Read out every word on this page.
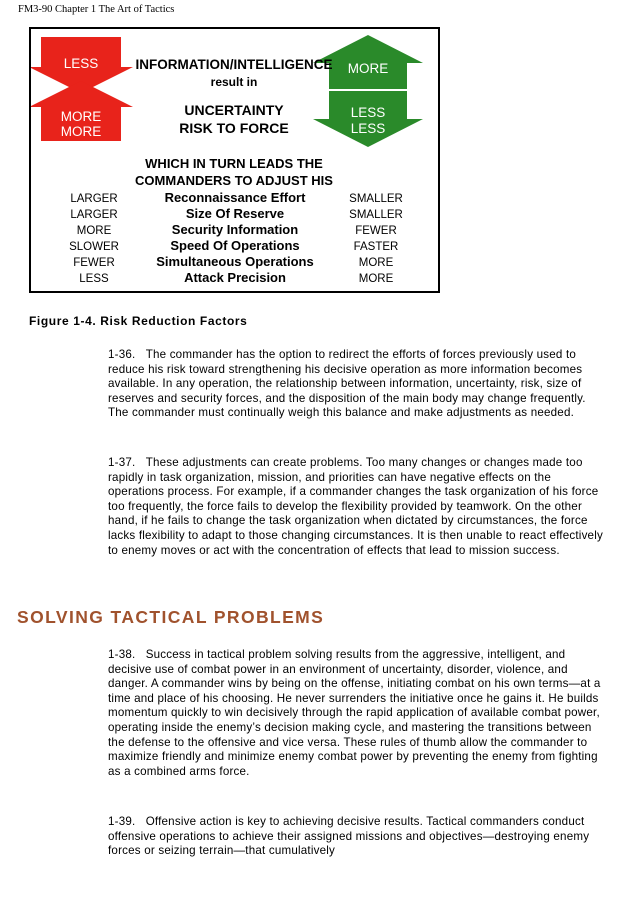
FM3-90 Chapter 1 The Art of Tactics
LESS
MORE
MORE
MORE
LESS
LESS
INFORMATION/INTELLIGENCE
result in
UNCERTAINTY
RISK TO FORCE
WHICH IN TURN LEADS THE
COMMANDERS TO ADJUST HIS
LARGER	Reconnaissance Effort	SMALLER
LARGER	Size Of Reserve	SMALLER
MORE	Security Information	FEWER
SLOWER	Speed Of Operations	FASTER
FEWER	Simultaneous Operations	MORE
LESS	Attack Precision	MORE
Figure 1-4. Risk Reduction Factors
1-36.   The commander has the option to redirect the efforts of forces previously used to reduce his risk toward strengthening his decisive operation as more information becomes available. In any operation, the relationship between information, uncertainty, risk, size of reserves and security forces, and the disposition of the main body may change frequently. The commander must continually weigh this balance and make adjustments as needed.
1-37.   These adjustments can create problems. Too many changes or changes made too rapidly in task organization, mission, and priorities can have negative effects on the operations process. For example, if a commander changes the task organization of his force too frequently, the force fails to develop the flexibility provided by teamwork. On the other hand, if he fails to change the task organization when dictated by circumstances, the force lacks flexibility to adapt to those changing circumstances. It is then unable to react effectively to enemy moves or act with the concentration of effects that lead to mission success.
SOLVING TACTICAL PROBLEMS
1-38.   Success in tactical problem solving results from the aggressive, intelligent, and decisive use of combat power in an environment of uncertainty, disorder, violence, and danger. A commander wins by being on the offense, initiating combat on his own terms—at a time and place of his choosing. He never surrenders the initiative once he gains it. He builds momentum quickly to win decisively through the rapid application of available combat power, operating inside the enemy’s decision making cycle, and mastering the transitions between the defense to the offensive and vice versa. These rules of thumb allow the commander to maximize friendly and minimize enemy combat power by preventing the enemy from fighting as a combined arms force.
1-39.   Offensive action is key to achieving decisive results. Tactical commanders conduct offensive operations to achieve their assigned missions and objectives—destroying enemy forces or seizing terrain—that cumulatively
